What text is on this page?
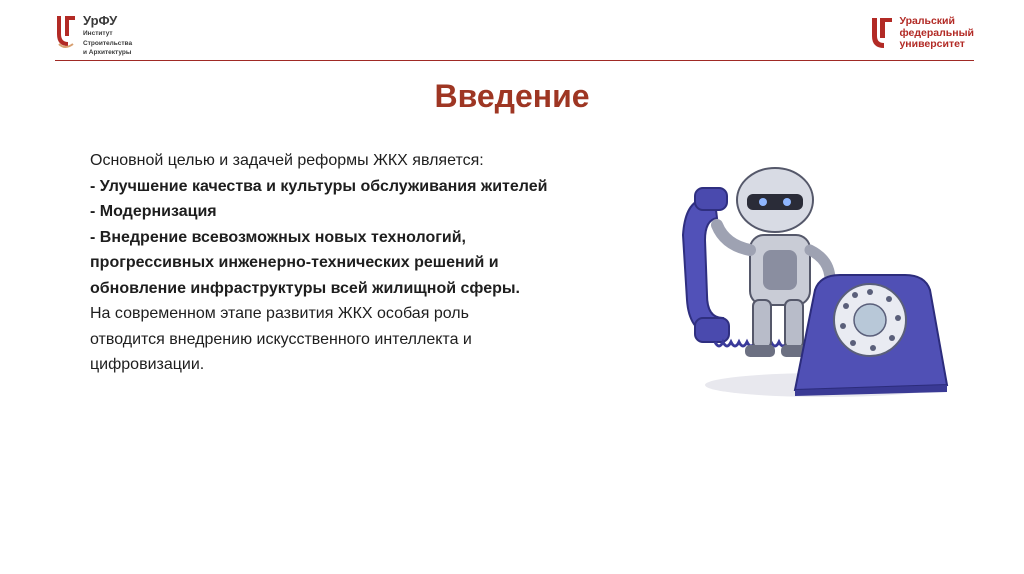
УрФУ
Институт
Строительства
и Архитектуры
Уральский
федеральный
университет
Введение

Основной целью и задачей реформы ЖКХ является:

- Улучшение качества и культуры обслуживания жителей

- Модернизация

- Внедрение всевозможных новых технологий,

прогрессивных инженерно-технических решений и

обновление инфраструктуры всей жилищной сферы.

На современном этапе развития ЖКХ особая роль

отводится внедрению искусственного интеллекта и

цифровизации.
